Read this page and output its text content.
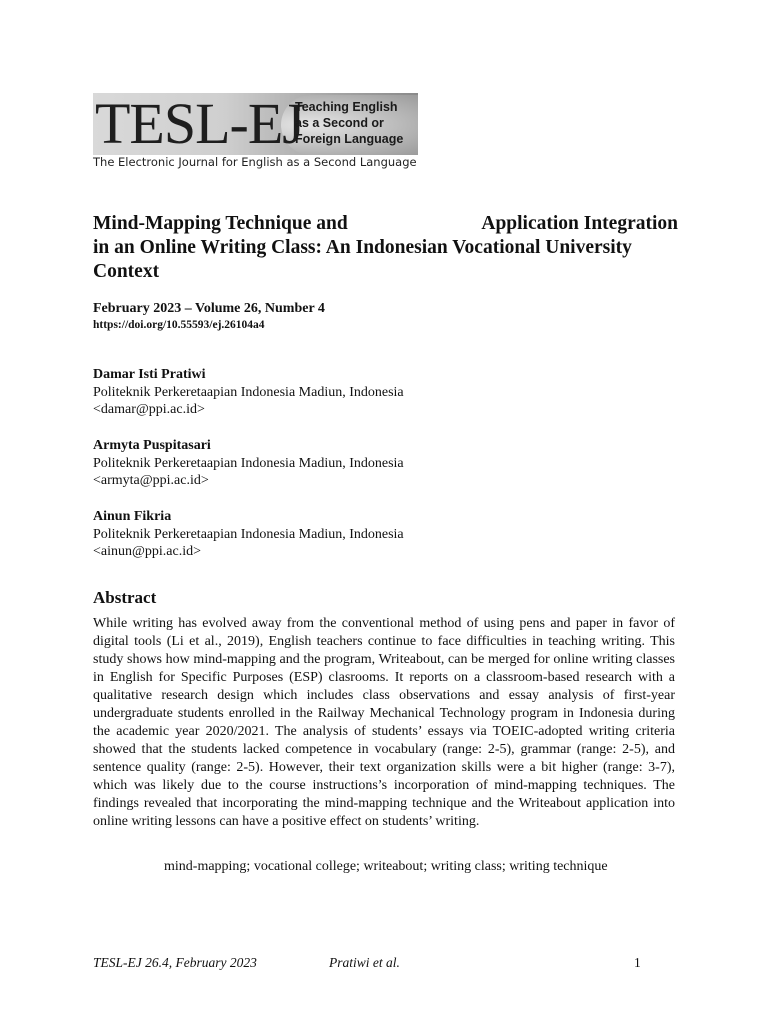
TESL-EJ
Teaching English
as a Second or
Foreign Language
The Electronic Journal for English as a Second Language
Mind-Mapping Technique and	Application Integration
in an Online Writing Class: An Indonesian Vocational University
Context
February 2023 – Volume 26, Number 4
https://doi.org/10.55593/ej.26104a4
Damar Isti Pratiwi
Politeknik Perkeretaapian Indonesia Madiun, Indonesia
<damar@ppi.ac.id>
Armyta Puspitasari
Politeknik Perkeretaapian Indonesia Madiun, Indonesia
<armyta@ppi.ac.id>
Ainun Fikria
Politeknik Perkeretaapian Indonesia Madiun, Indonesia
<ainun@ppi.ac.id>
Abstract
While writing has evolved away from the conventional method of using pens and paper in favor of digital tools (Li et al., 2019), English teachers continue to face difficulties in teaching writing. This study shows how mind-mapping and the program, Writeabout, can be merged for online writing classes in English for Specific Purposes (ESP) clasrooms. It reports on a classroom-based research with a qualitative research design which includes class observations and essay analysis of first-year undergraduate students enrolled in the Railway Mechanical Technology program in Indonesia during the academic year 2020/2021. The analysis of students’ essays via TOEIC-adopted writing criteria showed that the students lacked competence in vocabulary (range: 2-5), grammar (range: 2-5), and sentence quality (range: 2-5). However, their text organization skills were a bit higher (range: 3-7), which was likely due to the course instructions’s incorporation of mind-mapping techniques. The findings revealed that incorporating the mind-mapping technique and the Writeabout application into online writing lessons can have a positive effect on students’ writing.
mind-mapping; vocational college; writeabout; writing class; writing technique
TESL-EJ 26.4, February 2023	Pratiwi et al.	1
